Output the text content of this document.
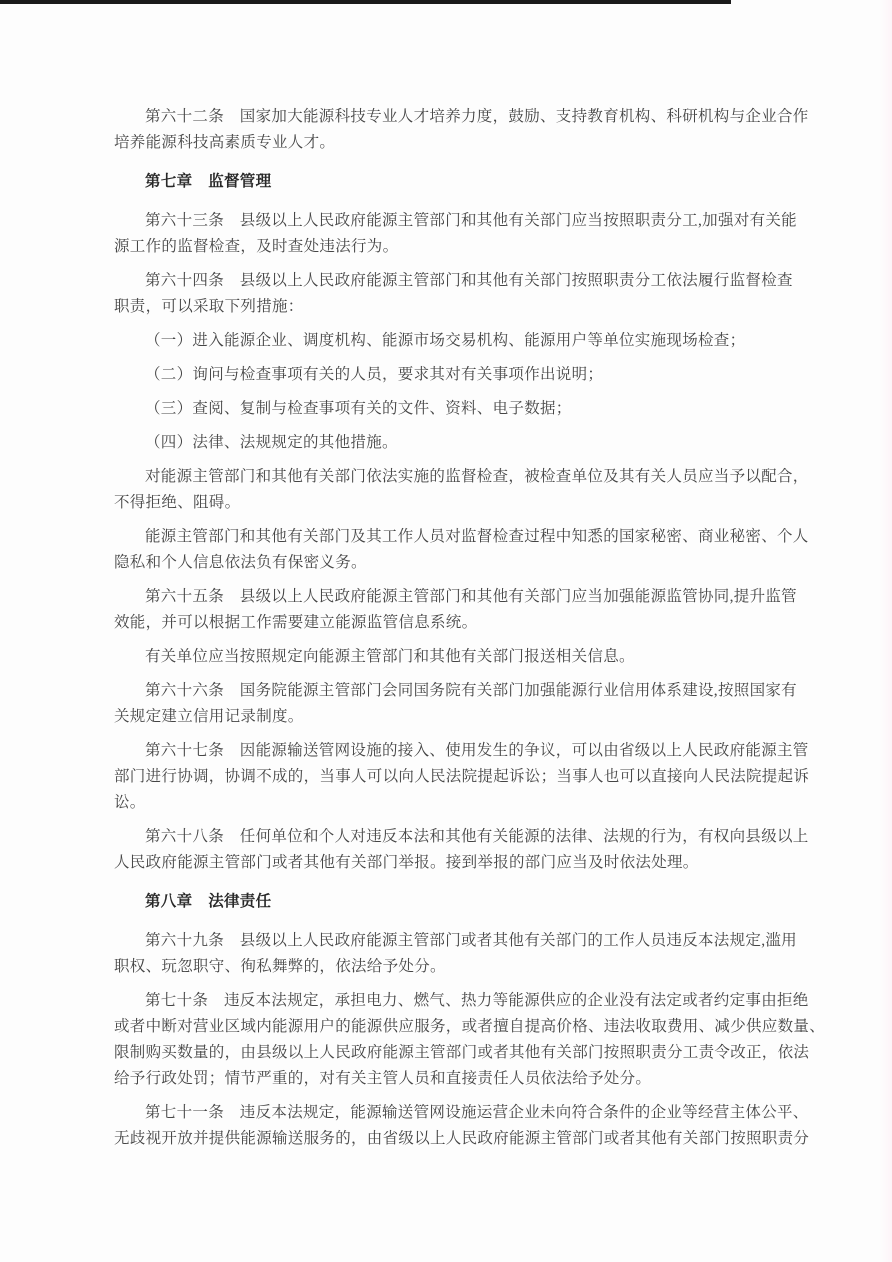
第六十二条　国家加大能源科技专业人才培养力度，鼓励、支持教育机构、科研机构与企业合作
培养能源科技高素质专业人才。
第七章　监督管理
第六十三条　县级以上人民政府能源主管部门和其他有关部门应当按照职责分工,加强对有关能
源工作的监督检查，及时查处违法行为。
第六十四条　县级以上人民政府能源主管部门和其他有关部门按照职责分工依法履行监督检查
职责，可以采取下列措施：
（一）进入能源企业、调度机构、能源市场交易机构、能源用户等单位实施现场检查；
（二）询问与检查事项有关的人员，要求其对有关事项作出说明；
（三）查阅、复制与检查事项有关的文件、资料、电子数据；
（四）法律、法规规定的其他措施。
对能源主管部门和其他有关部门依法实施的监督检查，被检查单位及其有关人员应当予以配合，
不得拒绝、阻碍。
能源主管部门和其他有关部门及其工作人员对监督检查过程中知悉的国家秘密、商业秘密、个人
隐私和个人信息依法负有保密义务。
第六十五条　县级以上人民政府能源主管部门和其他有关部门应当加强能源监管协同,提升监管
效能，并可以根据工作需要建立能源监管信息系统。
有关单位应当按照规定向能源主管部门和其他有关部门报送相关信息。
第六十六条　国务院能源主管部门会同国务院有关部门加强能源行业信用体系建设,按照国家有
关规定建立信用记录制度。
第六十七条　因能源输送管网设施的接入、使用发生的争议，可以由省级以上人民政府能源主管
部门进行协调，协调不成的，当事人可以向人民法院提起诉讼；当事人也可以直接向人民法院提起诉
讼。
第六十八条　任何单位和个人对违反本法和其他有关能源的法律、法规的行为，有权向县级以上
人民政府能源主管部门或者其他有关部门举报。接到举报的部门应当及时依法处理。
第八章　法律责任
第六十九条　县级以上人民政府能源主管部门或者其他有关部门的工作人员违反本法规定,滥用
职权、玩忽职守、徇私舞弊的，依法给予处分。
第七十条　违反本法规定，承担电力、燃气、热力等能源供应的企业没有法定或者约定事由拒绝
或者中断对营业区域内能源用户的能源供应服务，或者擅自提高价格、违法收取费用、减少供应数量、
限制购买数量的，由县级以上人民政府能源主管部门或者其他有关部门按照职责分工责令改正，依法
给予行政处罚；情节严重的，对有关主管人员和直接责任人员依法给予处分。
第七十一条　违反本法规定，能源输送管网设施运营企业未向符合条件的企业等经营主体公平、
无歧视开放并提供能源输送服务的，由省级以上人民政府能源主管部门或者其他有关部门按照职责分
